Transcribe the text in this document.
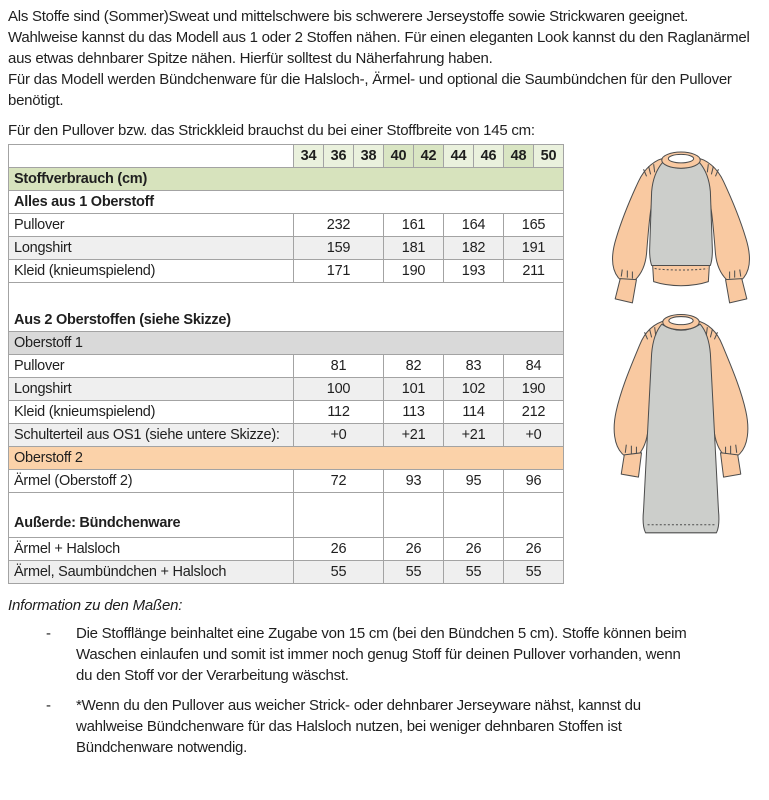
Als Stoffe sind (Sommer)Sweat und mittelschwere bis schwerere Jerseystoffe sowie Strickwaren geeignet. Wahlweise kannst du das Modell aus 1 oder 2 Stoffen nähen. Für einen eleganten Look kannst du den Raglanärmel aus etwas dehnbarer Spitze nähen. Hierfür solltest du Näherfahrung haben.
Für das Modell werden Bündchenware für die Halsloch-, Ärmel- und optional die Saumbündchen für den Pullover benötigt.
Für den Pullover bzw. das Strickkleid brauchst du bei einer Stoffbreite von 145 cm:
	34	36	38	40	42	44	46	48	50
Stoffverbrauch (cm)									
Alles aus 1 Oberstoff									
Pullover	232			161		164		165	
Longshirt	159			181		182		191	
Kleid (knieumspielend)	171			190		193		211	

Aus 2 Oberstoffen (siehe Skizze)									
Oberstoff 1									
Pullover	81			82		83		84	
Longshirt	100			101		102		190	
Kleid (knieumspielend)	112			113		114		212	
Schulterteil aus OS1 (siehe untere Skizze):	+0			+21		+21		+0	
Oberstoff 2									
Ärmel (Oberstoff 2)	72			93		95		96	

Außerde: Bündchenware									
Ärmel + Halsloch	26			26		26		26	
Ärmel, Saumbündchen + Halsloch	55			55		55		55	
Information zu den Maßen:
-	Die Stofflänge beinhaltet eine Zugabe von 15 cm (bei den Bündchen 5 cm). Stoffe können beim Waschen einlaufen und somit ist immer noch genug Stoff für deinen Pullover vorhanden, wenn du den Stoff vor der Verarbeitung wäschst.
-	*Wenn du den Pullover aus weicher Strick- oder dehnbarer Jerseyware nähst, kannst du wahlweise Bündchenware für das Halsloch nutzen, bei weniger dehnbaren Stoffen ist Bündchenware notwendig.
